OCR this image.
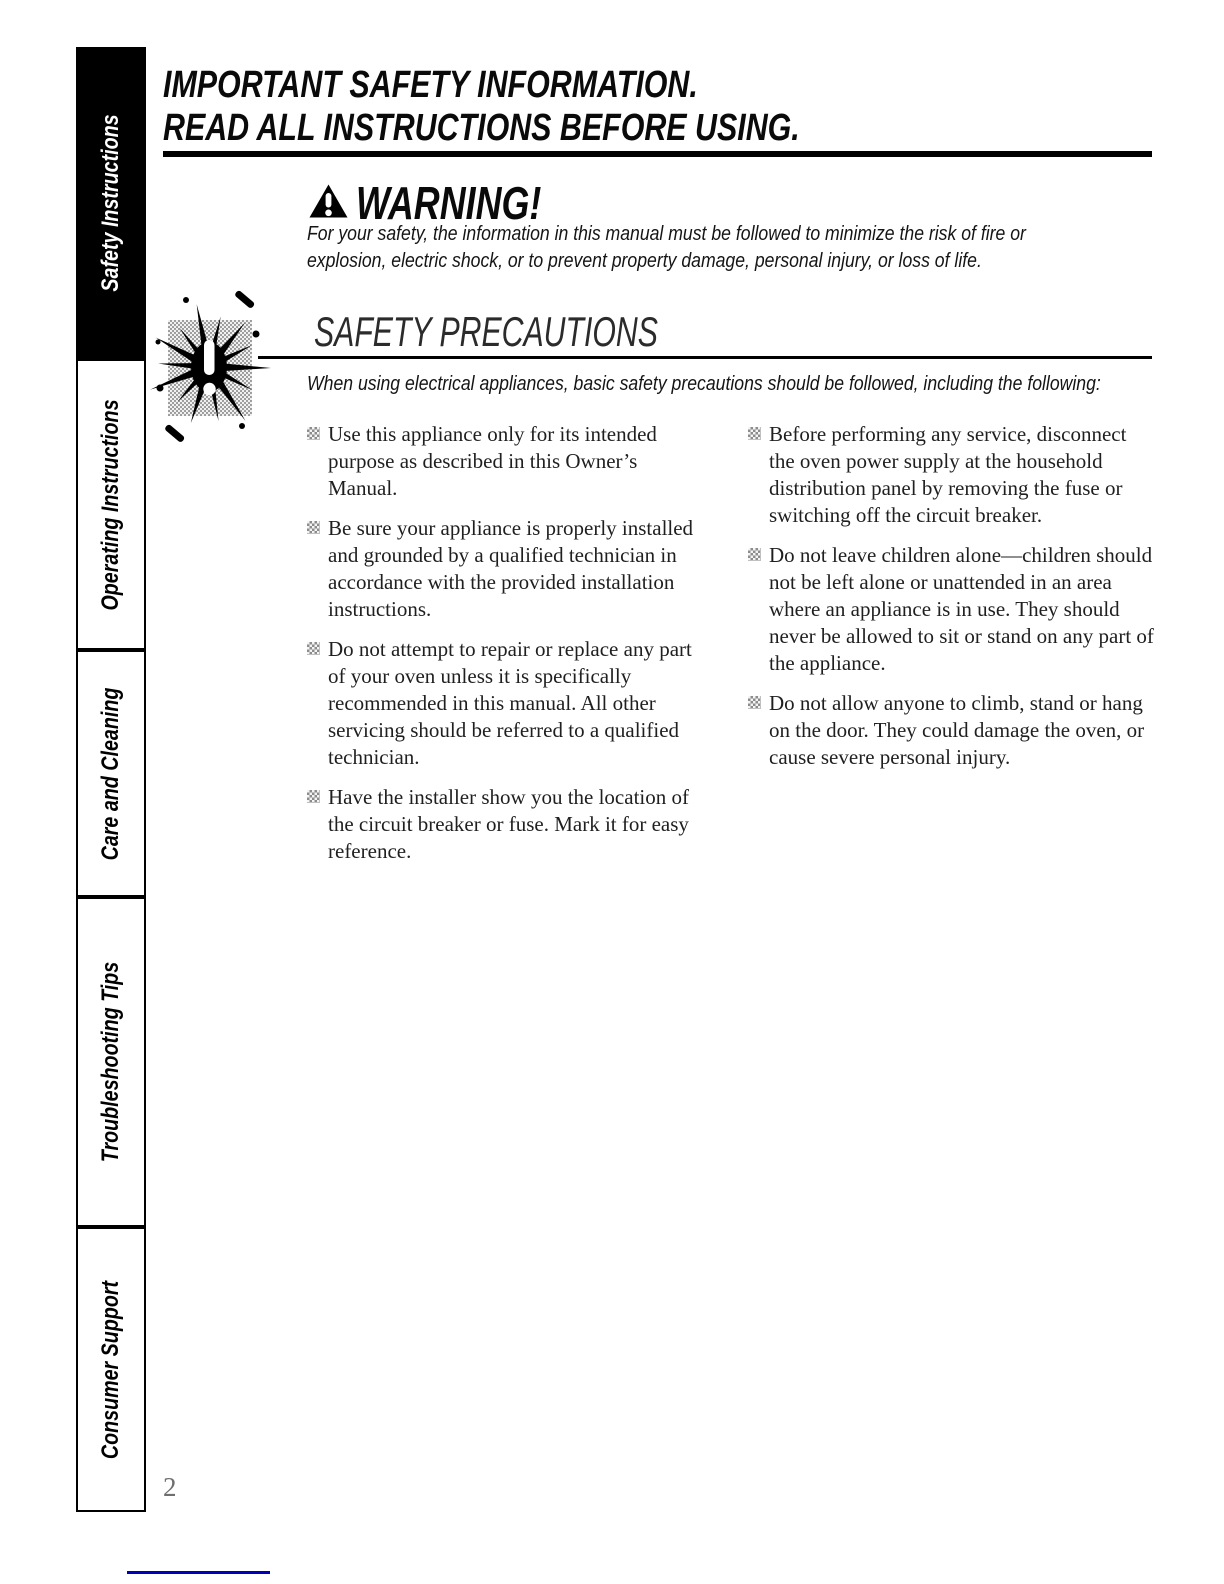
Safety Instructions
Operating Instructions
Care and Cleaning
Troubleshooting Tips
Consumer Support
IMPORTANT SAFETY INFORMATION.
READ ALL INSTRUCTIONS BEFORE USING.
WARNING!
For your safety, the information in this manual must be followed to minimize the risk of fire or explosion, electric shock, or to prevent property damage, personal injury, or loss of life.
SAFETY PRECAUTIONS
When using electrical appliances, basic safety precautions should be followed, including the following:
Use this appliance only for its intended purpose as described in this Owner’s Manual.
Be sure your appliance is properly installed and grounded by a qualified technician in accordance with the provided installation instructions.
Do not attempt to repair or replace any part of your oven unless it is specifically recommended in this manual. All other servicing should be referred to a qualified technician.
Have the installer show you the location of the circuit breaker or fuse. Mark it for easy reference.
Before performing any service, disconnect the oven power supply at the household distribution panel by removing the fuse or switching off the circuit breaker.
Do not leave children alone—children should not be left alone or unattended in an area where an appliance is in use. They should never be allowed to sit or stand on any part of the appliance.
Do not allow anyone to climb, stand or hang on the door. They could damage the oven, or cause severe personal injury.
2
